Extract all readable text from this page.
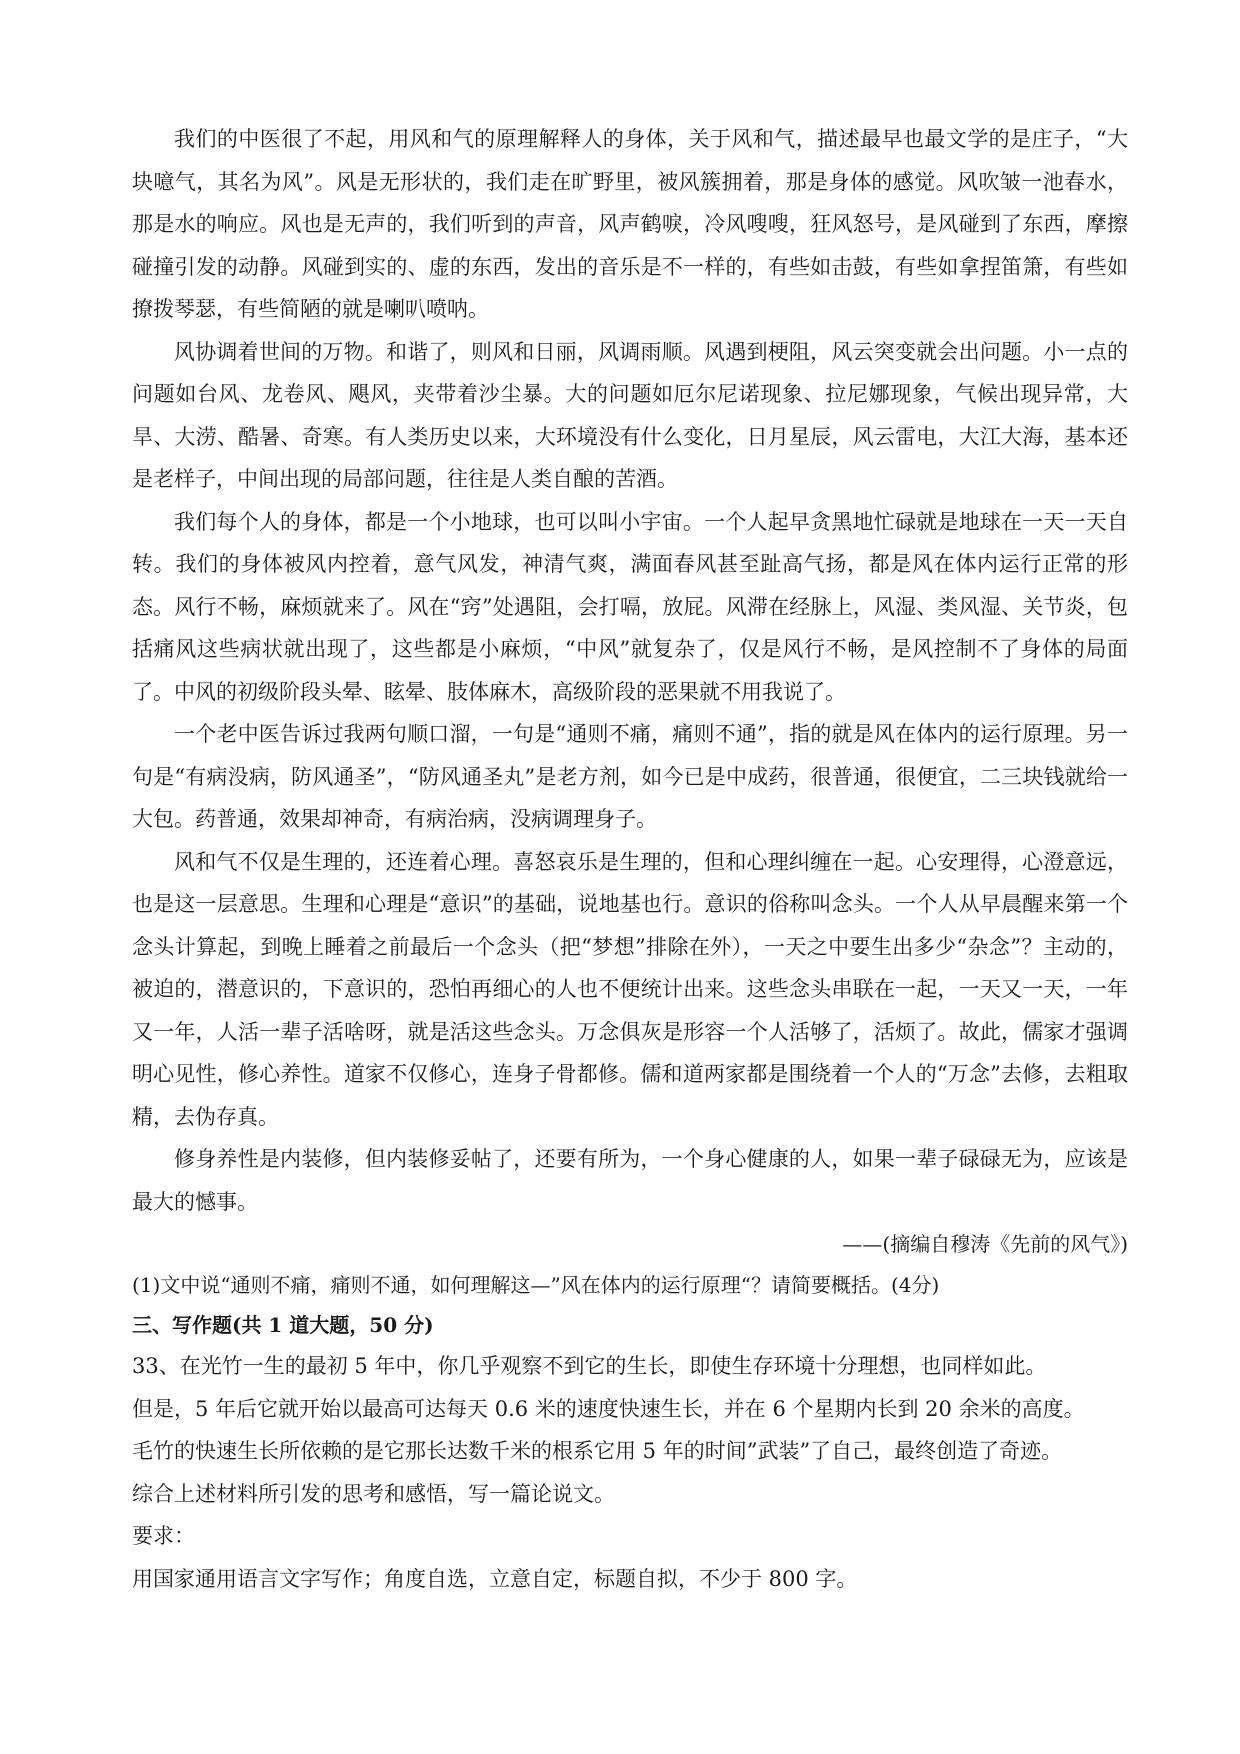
我们的中医很了不起，用风和气的原理解释人的身体，关于风和气，描述最早也最文学的是庄子，“大块噫气，其名为风”。风是无形状的，我们走在旷野里，被风簇拥着，那是身体的感觉。风吹皱一池春水，那是水的响应。风也是无声的，我们听到的声音，风声鹤唳，冷风嗖嗖，狂风怒号，是风碰到了东西，摩擦碰撞引发的动静。风碰到实的、虚的东西，发出的音乐是不一样的，有些如击鼓，有些如拿捏笛箫，有些如撩拨琴瑟，有些简陋的就是喇叭喷呐。

风协调着世间的万物。和谐了，则风和日丽，风调雨顺。风遇到梗阻，风云突变就会出问题。小一点的问题如台风、龙卷风、飓风，夹带着沙尘暴。大的问题如厄尔尼诺现象、拉尼娜现象，气候出现异常，大旱、大涝、酷暑、奇寒。有人类历史以来，大环境没有什么变化，日月星辰，风云雷电，大江大海，基本还是老样子，中间出现的局部问题，往往是人类自酿的苦酒。

我们每个人的身体，都是一个小地球，也可以叫小宇宙。一个人起早贪黑地忙碌就是地球在一天一天自转。我们的身体被风内控着，意气风发，神清气爽，满面春风甚至趾高气扬，都是风在体内运行正常的形态。风行不畅，麻烦就来了。风在“窍”处遇阻，会打嗝，放屁。风滞在经脉上，风湿、类风湿、关节炎，包括痛风这些病状就出现了，这些都是小麻烦，“中风”就复杂了，仅是风行不畅，是风控制不了身体的局面了。中风的初级阶段头晕、眩晕、肢体麻木，高级阶段的恶果就不用我说了。

一个老中医告诉过我两句顺口溜，一句是“通则不痛，痛则不通”，指的就是风在体内的运行原理。另一句是“有病没病，防风通圣”，“防风通圣丸”是老方剂，如今已是中成药，很普通，很便宜，二三块钱就给一大包。药普通，效果却神奇，有病治病，没病调理身子。

风和气不仅是生理的，还连着心理。喜怒哀乐是生理的，但和心理纠缠在一起。心安理得，心澄意远，也是这一层意思。生理和心理是“意识”的基础，说地基也行。意识的俗称叫念头。一个人从早晨醒来第一个念头计算起，到晚上睡着之前最后一个念头（把“梦想”排除在外），一天之中要生出多少“杂念”？主动的，被迫的，潜意识的，下意识的，恐怕再细心的人也不便统计出来。这些念头串联在一起，一天又一天，一年又一年，人活一辈子活啥呀，就是活这些念头。万念俱灰是形容一个人活够了，活烦了。故此，儒家才强调明心见性，修心养性。道家不仅修心，连身子骨都修。儒和道两家都是围绕着一个人的“万念”去修，去粗取精，去伪存真。

修身养性是内装修，但内装修妥帖了，还要有所为，一个身心健康的人，如果一辈子碌碌无为，应该是最大的憾事。

——(摘编自穆涛《先前的风气》)

(1)文中说“通则不痛，痛则不通，如何理解这—”风在体内的运行原理“？请简要概括。(4分)

三、写作题(共 1 道大题，50 分)

33、在光竹一生的最初 5 年中，你几乎观察不到它的生长，即使生存环境十分理想，也同样如此。

但是，5 年后它就开始以最高可达每天 0.6 米的速度快速生长，并在 6 个星期内长到 20 余米的高度。

毛竹的快速生长所依赖的是它那长达数千米的根系它用 5 年的时间”武装”了自己，最终创造了奇迹。

综合上述材料所引发的思考和感悟，写一篇论说文。

要求：

用国家通用语言文字写作；角度自选，立意自定，标题自拟，不少于 800 字。
